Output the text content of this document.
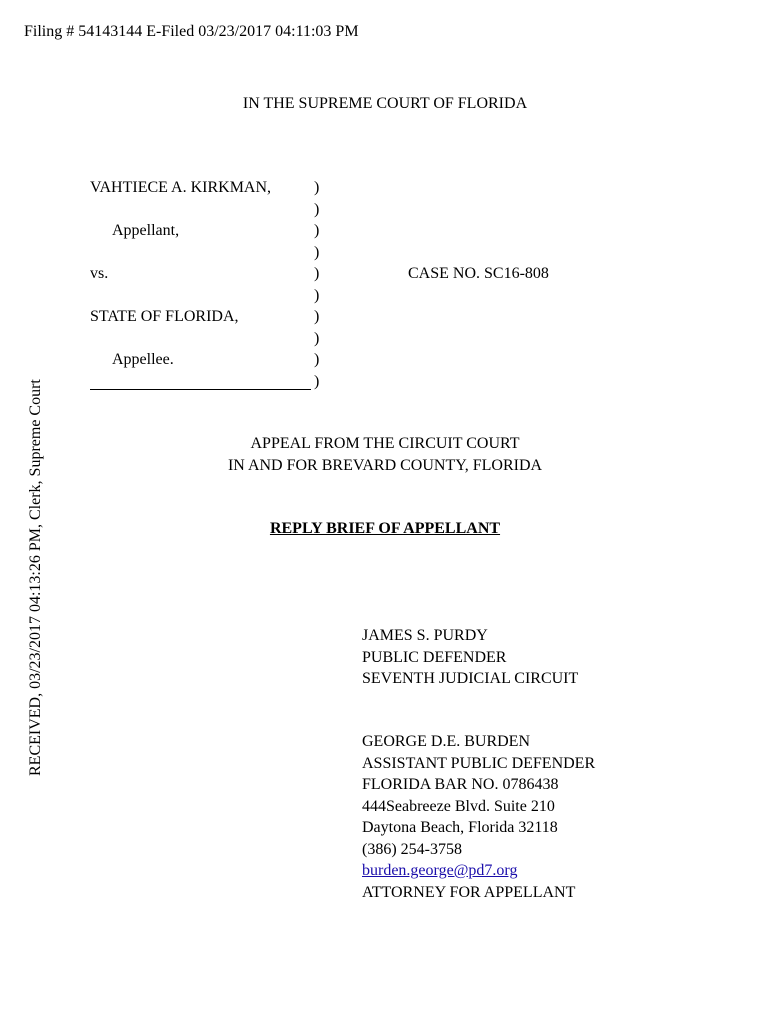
Filing # 54143144 E-Filed 03/23/2017 04:11:03 PM
RECEIVED, 03/23/2017 04:13:26 PM, Clerk, Supreme Court
IN THE SUPREME COURT OF FLORIDA
VAHTIECE A. KIRKMAN,
Appellant,
vs.
STATE OF FLORIDA,
Appellee.
)
)
)
)
)
)
)
)
)
)
CASE NO. SC16-808
APPEAL FROM THE CIRCUIT COURT
IN AND FOR BREVARD COUNTY, FLORIDA
REPLY BRIEF OF APPELLANT
JAMES S. PURDY
PUBLIC DEFENDER
SEVENTH JUDICIAL CIRCUIT
GEORGE D.E. BURDEN
ASSISTANT PUBLIC DEFENDER
FLORIDA BAR NO. 0786438
444Seabreeze Blvd. Suite 210
Daytona Beach, Florida 32118
(386) 254-3758
burden.george@pd7.org
ATTORNEY FOR APPELLANT
